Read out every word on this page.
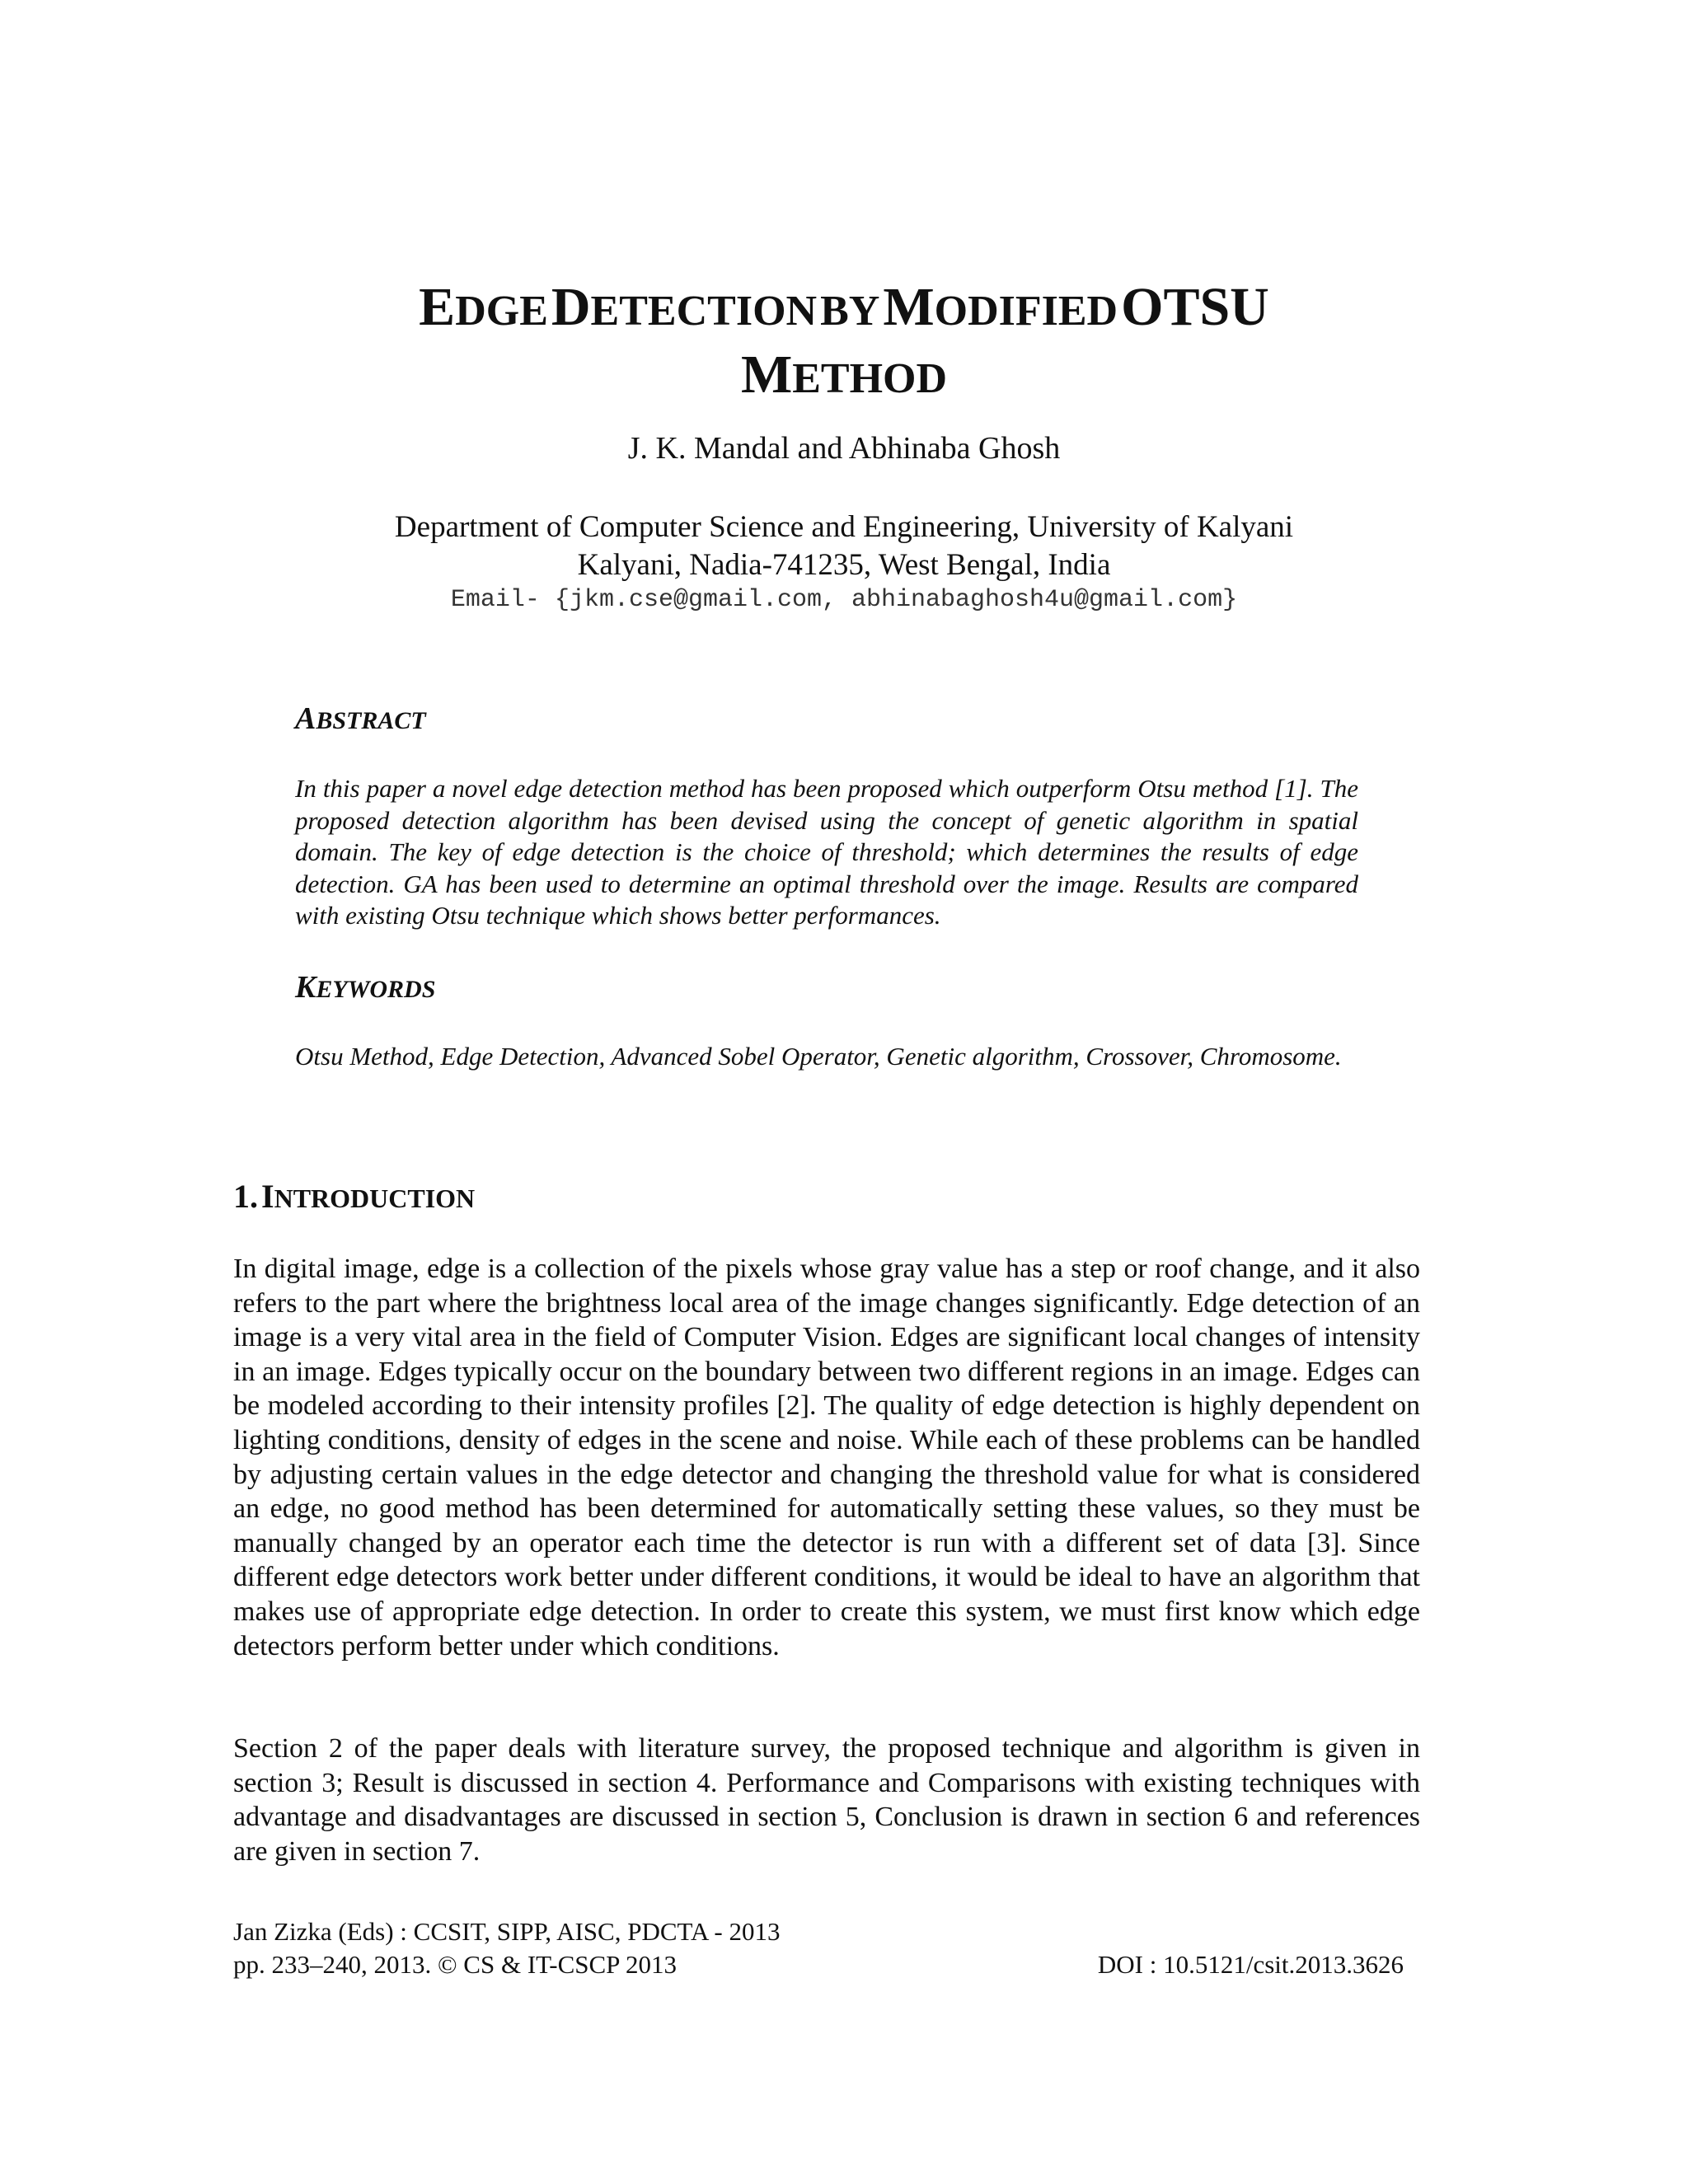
EDGE DETECTION BY MODIFIED OTSU
METHOD
J. K. Mandal and Abhinaba Ghosh
Department of Computer Science and Engineering, University of Kalyani
Kalyani, Nadia-741235, West Bengal, India
Email- {jkm.cse@gmail.com, abhinabaghosh4u@gmail.com}
ABSTRACT
In this paper a novel edge detection method has been proposed which outperform Otsu method [1]. The proposed detection algorithm has been devised using the concept of genetic algorithm in spatial domain. The key of edge detection is the choice of threshold; which determines the results of edge detection. GA has been used to determine an optimal threshold over the image. Results are compared with existing Otsu technique which shows better performances.
KEYWORDS
Otsu Method, Edge Detection, Advanced Sobel Operator, Genetic algorithm, Crossover, Chromosome.
1. INTRODUCTION
In digital image, edge is a collection of the pixels whose gray value has a step or roof change, and it also refers to the part where the brightness local area of the image changes significantly. Edge detection of an image is a very vital area in the field of Computer Vision. Edges are significant local changes of intensity in an image. Edges typically occur on the boundary between two different regions in an image. Edges can be modeled according to their intensity profiles [2]. The quality of edge detection is highly dependent on lighting conditions, density of edges in the scene and noise. While each of these problems can be handled by adjusting certain values in the edge detector and changing the threshold value for what is considered an edge, no good method has been determined for automatically setting these values, so they must be manually changed by an operator each time the detector is run with a different set of data [3]. Since different edge detectors work better under different conditions, it would be ideal to have an algorithm that makes use of appropriate edge detection. In order to create this system, we must first know which edge detectors perform better under which conditions.
Section 2 of the paper deals with literature survey, the proposed technique and algorithm is given in section 3; Result is discussed in section 4. Performance and Comparisons with existing techniques with advantage and disadvantages are discussed in section 5, Conclusion is drawn in section 6 and references are given in section 7.
Jan Zizka (Eds) : CCSIT, SIPP, AISC, PDCTA - 2013
pp. 233–240, 2013. © CS & IT-CSCP 2013	DOI : 10.5121/csit.2013.3626
